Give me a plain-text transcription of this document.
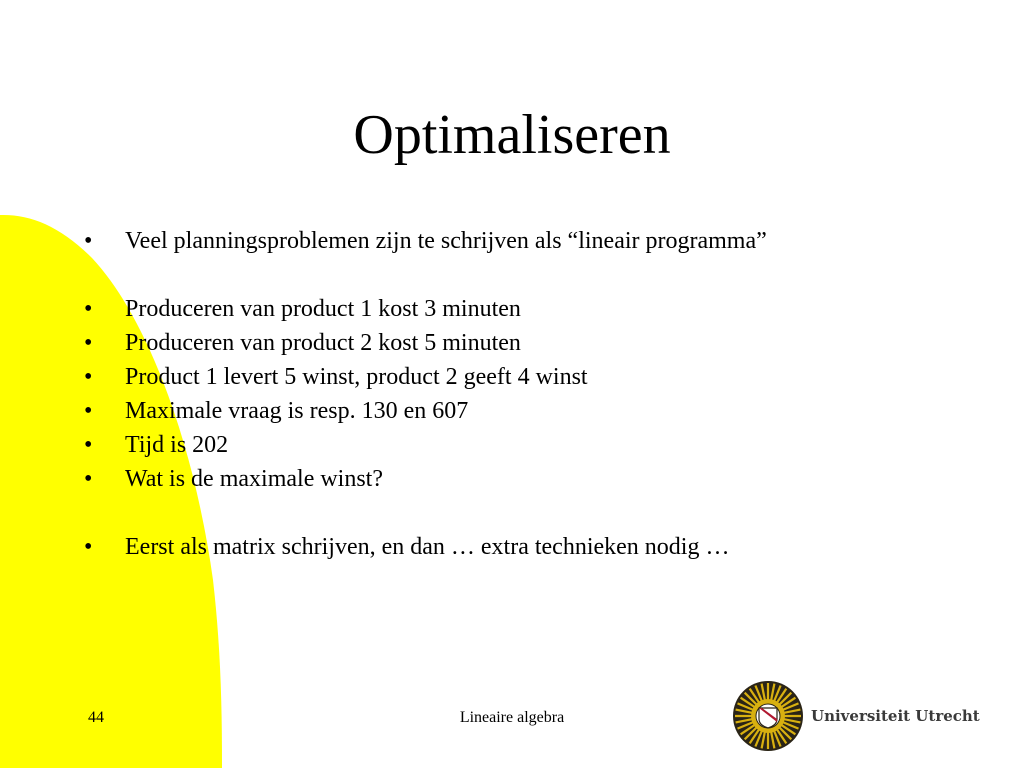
Optimaliseren
•	Veel planningsproblemen zijn te schrijven als “lineair programma”
•	Produceren van product 1 kost 3 minuten
•	Produceren van product 2 kost 5 minuten
•	Product 1 levert 5 winst, product 2 geeft 4 winst
•	Maximale vraag is resp. 130 en 607
•	Tijd is 202
•	Wat is de maximale winst?
•	Eerst als matrix schrijven, en dan … extra technieken nodig …
44	Lineaire algebra	Universiteit Utrecht
